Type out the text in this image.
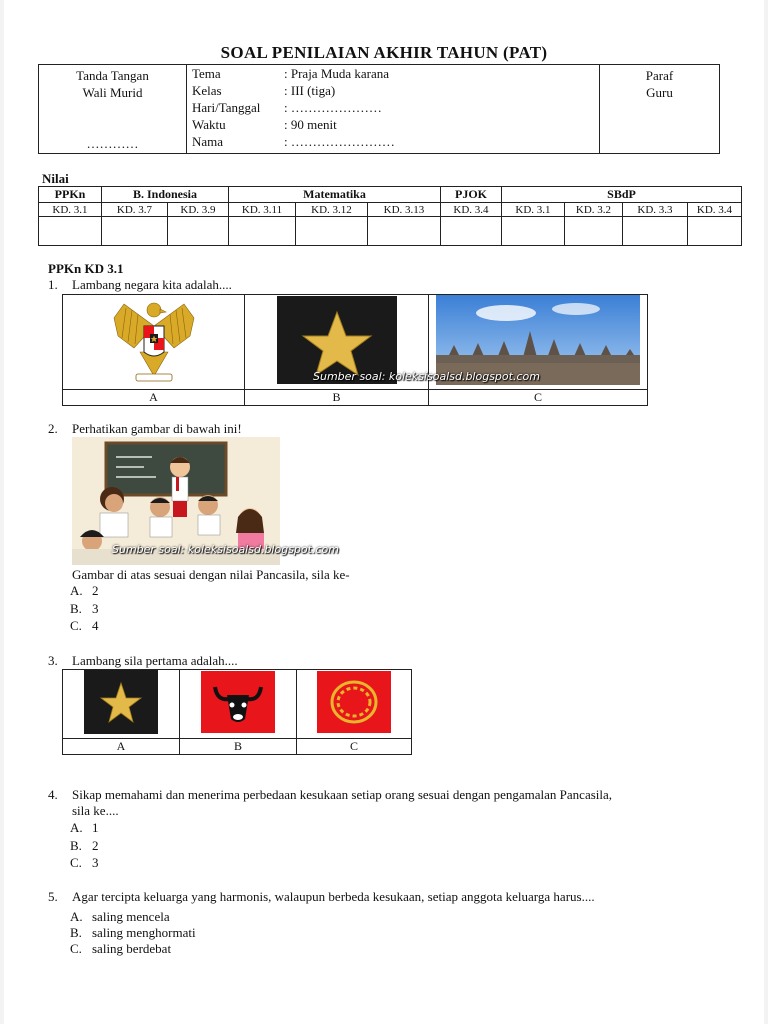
SOAL PENILAIAN AKHIR TAHUN (PAT)
Tanda Tangan
Wali Murid
…………

Tema	: Praja Muda karana
Kelas	: III (tiga)
Hari/Tanggal	: …………………
Waktu	: 90 menit
Nama	: ……………………

Paraf
Guru
Nilai
PPKn	B. Indonesia		Matematika			PJOK	SBdP			
KD. 3.1	KD. 3.7	KD. 3.9	KD. 3.11	KD. 3.12	KD. 3.13	KD. 3.4	KD. 3.1	KD. 3.2	KD. 3.3	KD. 3.4

PPKn KD 3.1
1.	Lambang negara kita adalah....

Sumber soal: koleksisoalsd.blogspot.com

A	B	C
2.	Perhatikan gambar di bawah ini!
Sumber soal: koleksisoalsd.blogspot.com
Gambar di atas sesuai dengan nilai Pancasila, sila ke-
A. 2
B. 3
C. 4
3.	Lambang sila pertama adalah....

A	B	C
4.	Sikap memahami dan menerima perbedaan kesukaan setiap orang sesuai dengan pengamalan Pancasila,
sila ke....
A. 1
B. 2
C. 3
5.	Agar tercipta keluarga yang harmonis, walaupun berbeda kesukaan, setiap anggota keluarga harus....
A. saling mencela
B. saling menghormati
C. saling berdebat
